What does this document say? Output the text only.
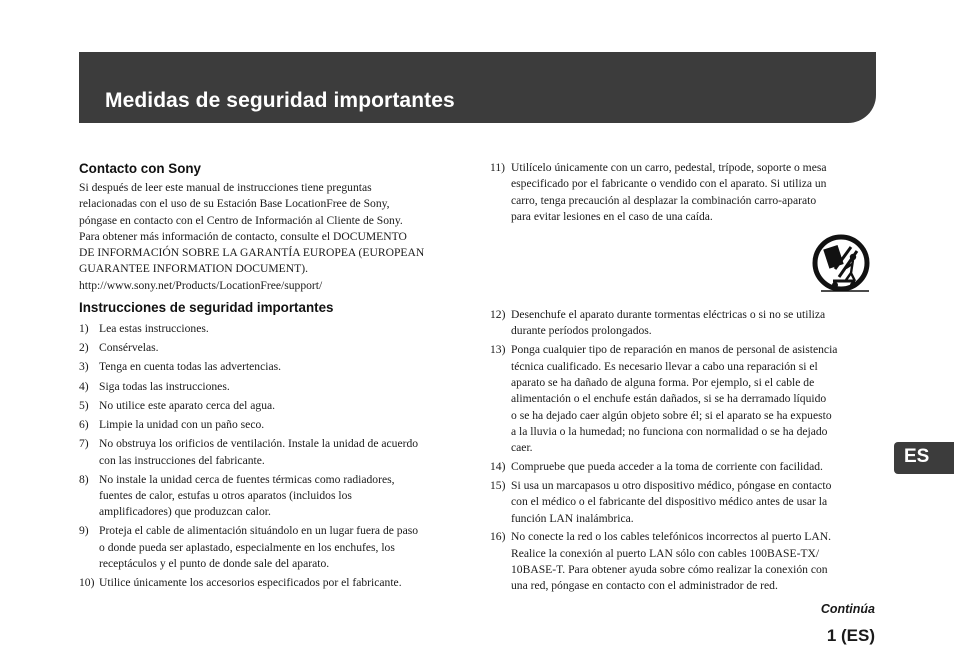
Medidas de seguridad importantes
Contacto con Sony
Si después de leer este manual de instrucciones tiene preguntas
relacionadas con el uso de su Estación Base LocationFree de Sony,
póngase en contacto con el Centro de Información al Cliente de Sony.
Para obtener más información de contacto, consulte el DOCUMENTO
DE INFORMACIÓN SOBRE LA GARANTÍA EUROPEA (EUROPEAN
GUARANTEE INFORMATION DOCUMENT).
http://www.sony.net/Products/LocationFree/support/
Instrucciones de seguridad importantes
1) Lea estas instrucciones.
2) Consérvelas.
3) Tenga en cuenta todas las advertencias.
4) Siga todas las instrucciones.
5) No utilice este aparato cerca del agua.
6) Limpie la unidad con un paño seco.
7) No obstruya los orificios de ventilación. Instale la unidad de acuerdo
con las instrucciones del fabricante.
8) No instale la unidad cerca de fuentes térmicas como radiadores,
fuentes de calor, estufas u otros aparatos (incluidos los
amplificadores) que produzcan calor.
9) Proteja el cable de alimentación situándolo en un lugar fuera de paso
o donde pueda ser aplastado, especialmente en los enchufes, los
receptáculos y el punto de donde sale del aparato.
10) Utilice únicamente los accesorios especificados por el fabricante.
11) Utilícelo únicamente con un carro, pedestal, trípode, soporte o mesa
especificado por el fabricante o vendido con el aparato. Si utiliza un
carro, tenga precaución al desplazar la combinación carro-aparato
para evitar lesiones en el caso de una caída.
12) Desenchufe el aparato durante tormentas eléctricas o si no se utiliza
durante períodos prolongados.
13) Ponga cualquier tipo de reparación en manos de personal de asistencia
técnica cualificado. Es necesario llevar a cabo una reparación si el
aparato se ha dañado de alguna forma. Por ejemplo, si el cable de
alimentación o el enchufe están dañados, si se ha derramado líquido
o se ha dejado caer algún objeto sobre él; si el aparato se ha expuesto
a la lluvia o la humedad; no funciona con normalidad o se ha dejado
caer.
14) Compruebe que pueda acceder a la toma de corriente con facilidad.
15) Si usa un marcapasos u otro dispositivo médico, póngase en contacto
con el médico o el fabricante del dispositivo médico antes de usar la
función LAN inalámbrica.
16) No conecte la red o los cables telefónicos incorrectos al puerto LAN.
Realice la conexión al puerto LAN sólo con cables 100BASE-TX/
10BASE-T. Para obtener ayuda sobre cómo realizar la conexión con
una red, póngase en contacto con el administrador de red.
ES
Continúa
1 (ES)
